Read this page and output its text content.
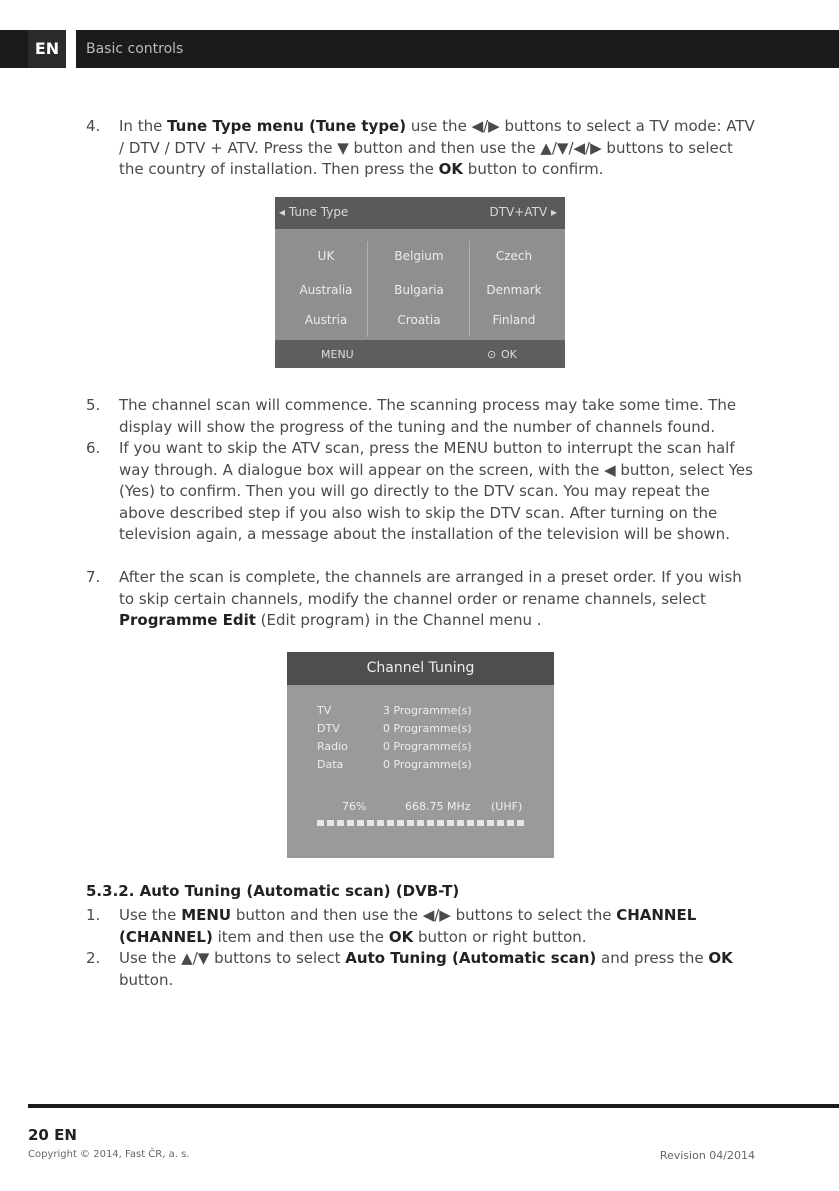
EN	Basic controls
4.	In the Tune Type menu (Tune type) use the ◀/▶ buttons to select a TV mode: ATV / DTV / DTV + ATV. Press the ▼ button and then use the ▲/▼/◀/▶ buttons to select the country of installation. Then press the OK button to confirm.
◂ Tune Type	DTV+ATV ▸
UK	Belgium	Czech
Australia	Bulgaria	Denmark
Austria	Croatia	Finland
MENU	⊙ OK
5.	The channel scan will commence. The scanning process may take some time. The display will show the progress of the tuning and the number of channels found.
6.	If you want to skip the ATV scan, press the MENU button to interrupt the scan half way through. A dialogue box will appear on the screen, with the ◀ button, select Yes (Yes) to confirm. Then you will go directly to the DTV scan. You may repeat the above described step if you also wish to skip the DTV scan. After turning on the television again, a message about the installation of the television will be shown.
7.	After the scan is complete, the channels are arranged in a preset order. If you wish to skip certain channels, modify the channel order or rename channels, select Programme Edit (Edit program) in the Channel menu .
Channel Tuning
TV	3 Programme(s)
DTV	0 Programme(s)
Radio	0 Programme(s)
Data	0 Programme(s)
76%	668.75 MHz (UHF)
5.3.2. Auto Tuning (Automatic scan) (DVB-T)
1.	Use the MENU button and then use the ◀/▶ buttons to select the CHANNEL (CHANNEL) item and then use the OK button or right button.
2.	Use the ▲/▼ buttons to select Auto Tuning (Automatic scan) and press the OK button.
20 EN
Copyright © 2014, Fast ČR, a. s.	Revision 04/2014
